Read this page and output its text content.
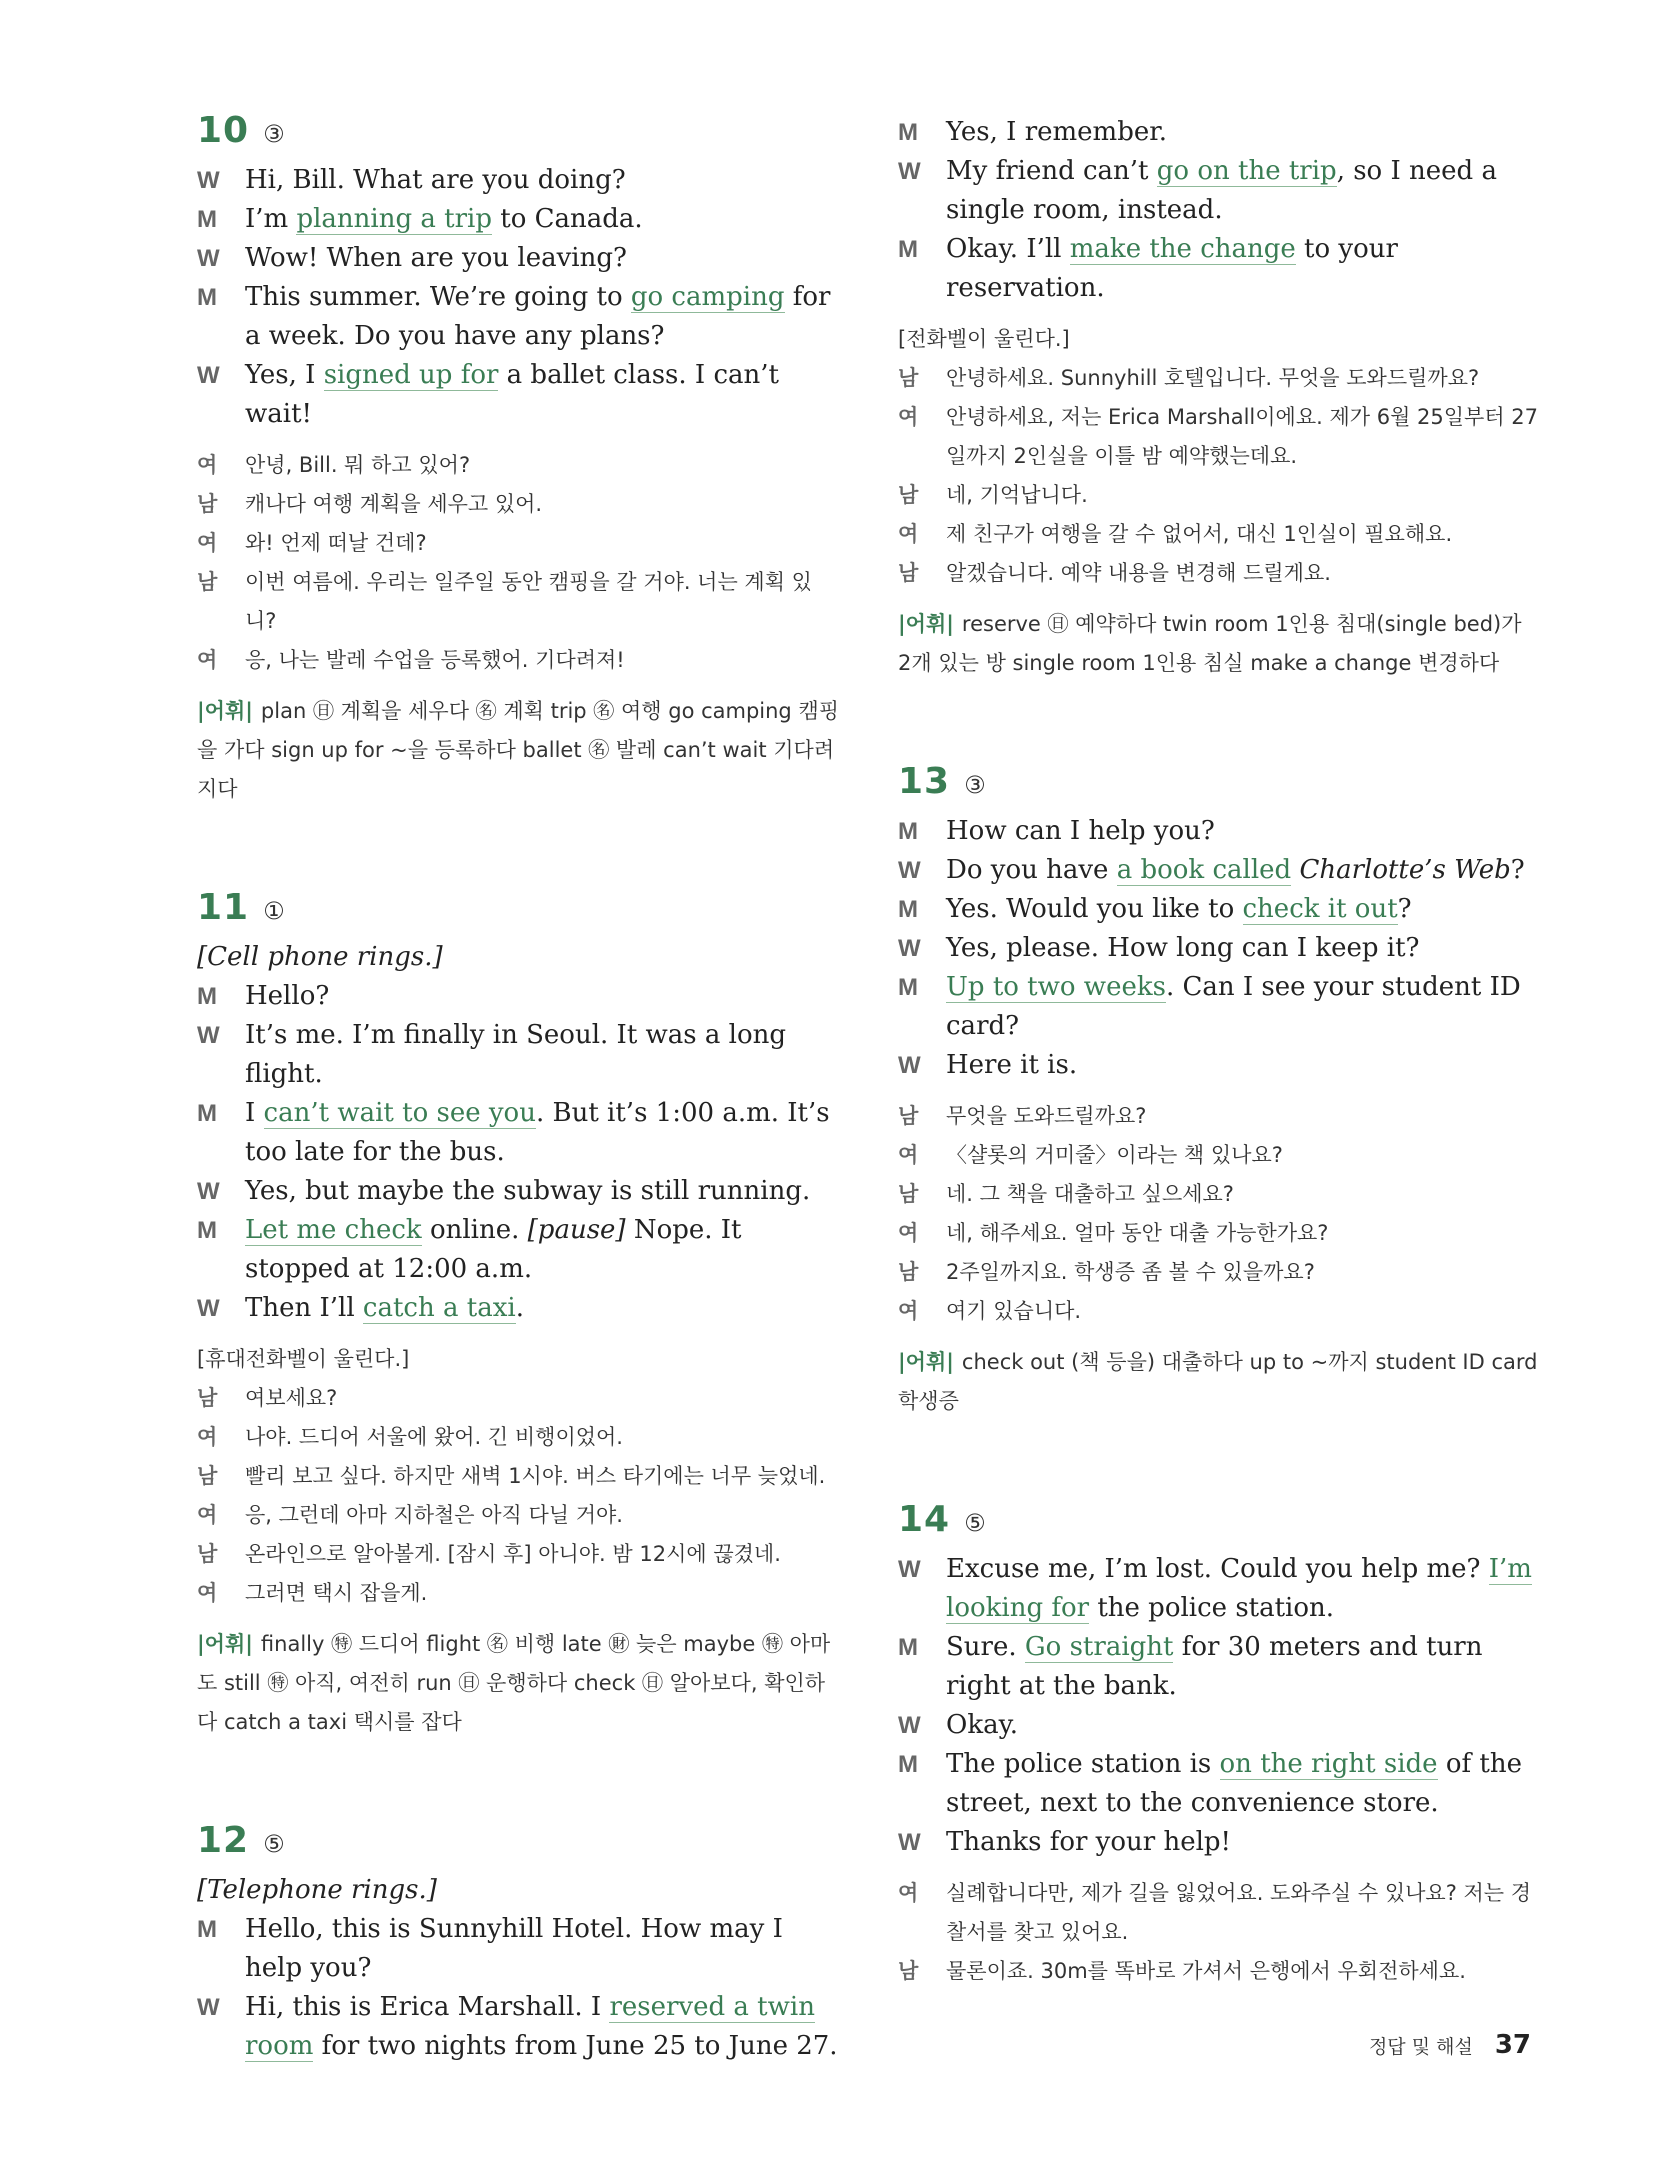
10 ③
W Hi, Bill. What are you doing?
M	I’m planning a trip to Canada.
W Wow! When are you leaving?
M	This summer. We’re going to go camping for a week. Do you have any plans?
W Yes, I signed up for a ballet class. I can’t wait!
여	안녕, Bill. 뭐 하고 있어?
남	캐나다 여행 계획을 세우고 있어.
여	와! 언제 떠날 건데?
남	이번 여름에. 우리는 일주일 동안 캠핑을 갈 거야. 너는 계획 있니?
여	응, 나는 발레 수업을 등록했어. 기다려져!
|어휘| plan ㊐ 계획을 세우다 ㊔ 계획 trip ㊔ 여행 go camping 캠핑을 가다 sign up for ~을 등록하다 ballet ㊔ 발레 can’t wait 기다려지다
11 ①
[Cell phone rings.]
M	Hello?
W It’s me. I’m finally in Seoul. It was a long flight.
M	I can’t wait to see you. But it’s 1:00 a.m. It’s too late for the bus.
W Yes, but maybe the subway is still running.
M	Let me check online. [pause] Nope. It stopped at 12:00 a.m.
W Then I’ll catch a taxi.
[휴대전화벨이 울린다.]
남	여보세요?
여	나야. 드디어 서울에 왔어. 긴 비행이었어.
남	빨리 보고 싶다. 하지만 새벽 1시야. 버스 타기에는 너무 늦었네.
여	응, 그런데 아마 지하철은 아직 다닐 거야.
남	온라인으로 알아볼게. [잠시 후] 아니야. 밤 12시에 끊겼네.
여	그러면 택시 잡을게.
|어휘| finally ㊕ 드디어 flight ㊔ 비행 late ㊖ 늦은 maybe ㊕ 아마도 still ㊕ 아직, 여전히 run ㊐ 운행하다 check ㊐ 알아보다, 확인하다 catch a taxi 택시를 잡다
12 ⑤
[Telephone rings.]
M	Hello, this is Sunnyhill Hotel. How may I help you?
W Hi, this is Erica Marshall. I reserved a twin room for two nights from June 25 to June 27.
M	Yes, I remember.
W My friend can’t go on the trip, so I need a single room, instead.
M	Okay. I’ll make the change to your reservation.
[전화벨이 울린다.]
남	안녕하세요. Sunnyhill 호텔입니다. 무엇을 도와드릴까요?
여	안녕하세요, 저는 Erica Marshall이에요. 제가 6월 25일부터 27일까지 2인실을 이틀 밤 예약했는데요.
남	네, 기억납니다.
여	제 친구가 여행을 갈 수 없어서, 대신 1인실이 필요해요.
남	알겠습니다. 예약 내용을 변경해 드릴게요.
|어휘| reserve ㊐ 예약하다 twin room 1인용 침대(single bed)가 2개 있는 방 single room 1인용 침실 make a change 변경하다
13 ③
M	How can I help you?
W Do you have a book called Charlotte’s Web?
M	Yes. Would you like to check it out?
W Yes, please. How long can I keep it?
M	Up to two weeks. Can I see your student ID card?
W Here it is.
남	무엇을 도와드릴까요?
여	〈샬롯의 거미줄〉이라는 책 있나요?
남	네. 그 책을 대출하고 싶으세요?
여	네, 해주세요. 얼마 동안 대출 가능한가요?
남	2주일까지요. 학생증 좀 볼 수 있을까요?
여	여기 있습니다.
|어휘| check out (책 등을) 대출하다 up to ~까지 student ID card 학생증
14 ⑤
W Excuse me, I’m lost. Could you help me? I’m looking for the police station.
M	Sure. Go straight for 30 meters and turn right at the bank.
W Okay.
M	The police station is on the right side of the street, next to the convenience store.
W Thanks for your help!
여	실례합니다만, 제가 길을 잃었어요. 도와주실 수 있나요? 저는 경찰서를 찾고 있어요.
남	물론이죠. 30m를 똑바로 가셔서 은행에서 우회전하세요.
정답 및 해설 37
